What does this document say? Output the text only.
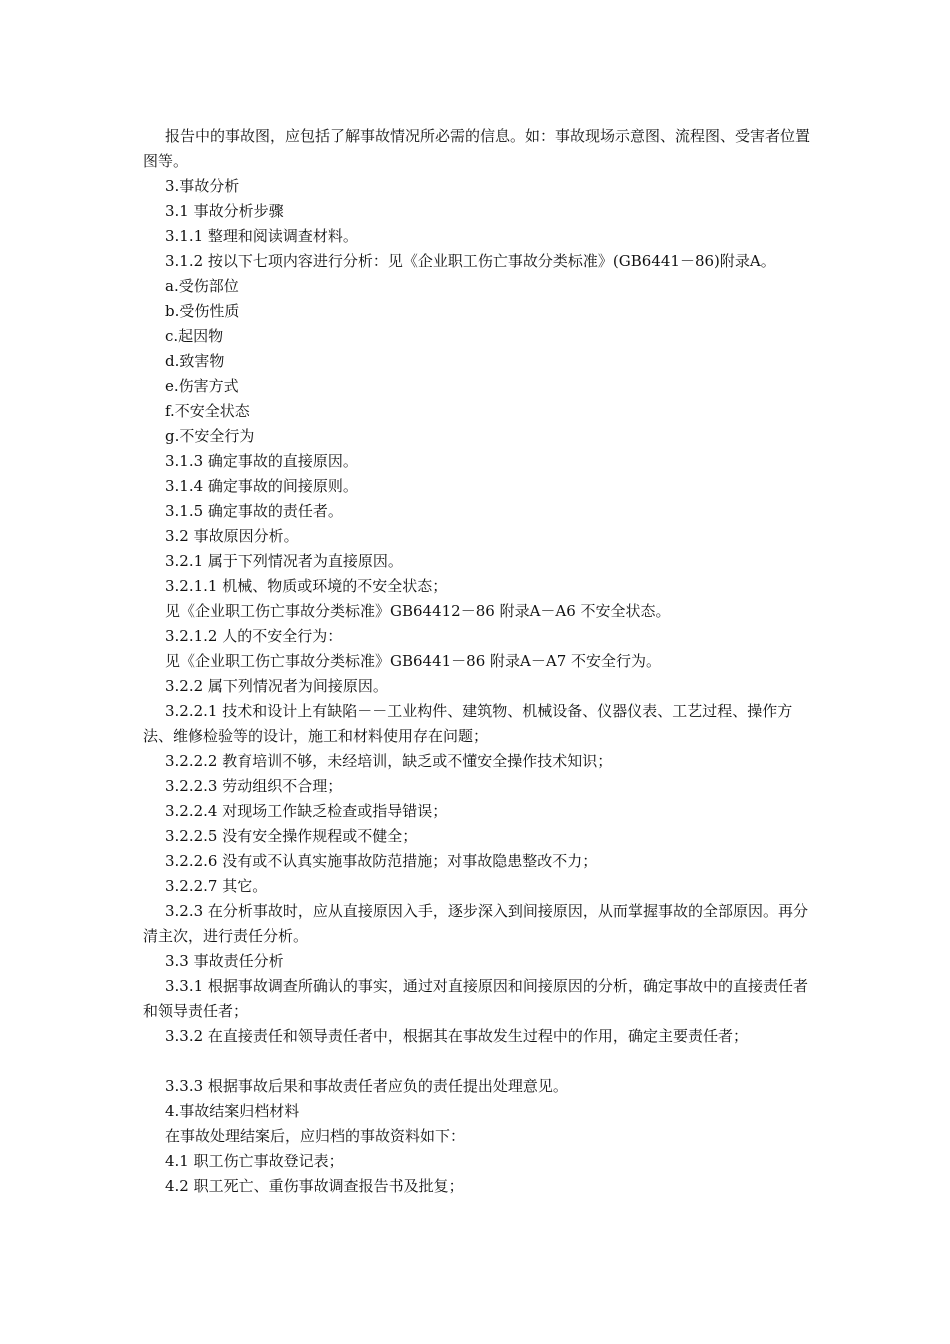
报告中的事故图，应包括了解事故情况所必需的信息。如：事故现场示意图、流程图、受害者位置图等。

3.事故分析

3.1 事故分析步骤

3.1.1 整理和阅读调查材料。

3.1.2 按以下七项内容进行分析：见《企业职工伤亡事故分类标准》(GB6441－86)附录A。

a.受伤部位

b.受伤性质

c.起因物

d.致害物

e.伤害方式

f.不安全状态

g.不安全行为

3.1.3 确定事故的直接原因。

3.1.4 确定事故的间接原则。

3.1.5 确定事故的责任者。

3.2 事故原因分析。

3.2.1 属于下列情况者为直接原因。

3.2.1.1 机械、物质或环境的不安全状态；

见《企业职工伤亡事故分类标准》GB64412－86 附录A－A6 不安全状态。

3.2.1.2 人的不安全行为：

见《企业职工伤亡事故分类标准》GB6441－86 附录A－A7 不安全行为。

3.2.2 属下列情况者为间接原因。

3.2.2.1 技术和设计上有缺陷－－工业构件、建筑物、机械设备、仪器仪表、工艺过程、操作方法、维修检验等的设计，施工和材料使用存在问题；

3.2.2.2 教育培训不够，未经培训，缺乏或不懂安全操作技术知识；

3.2.2.3 劳动组织不合理；

3.2.2.4 对现场工作缺乏检查或指导错误；

3.2.2.5 没有安全操作规程或不健全；

3.2.2.6 没有或不认真实施事故防范措施；对事故隐患整改不力；

3.2.2.7 其它。

3.2.3 在分析事故时，应从直接原因入手，逐步深入到间接原因，从而掌握事故的全部原因。再分清主次，进行责任分析。

3.3 事故责任分析

3.3.1 根据事故调查所确认的事实，通过对直接原因和间接原因的分析，确定事故中的直接责任者和领导责任者；

3.3.2 在直接责任和领导责任者中，根据其在事故发生过程中的作用，确定主要责任者；

3.3.3 根据事故后果和事故责任者应负的责任提出处理意见。

4.事故结案归档材料

在事故处理结案后，应归档的事故资料如下：

4.1 职工伤亡事故登记表；

4.2 职工死亡、重伤事故调查报告书及批复；
